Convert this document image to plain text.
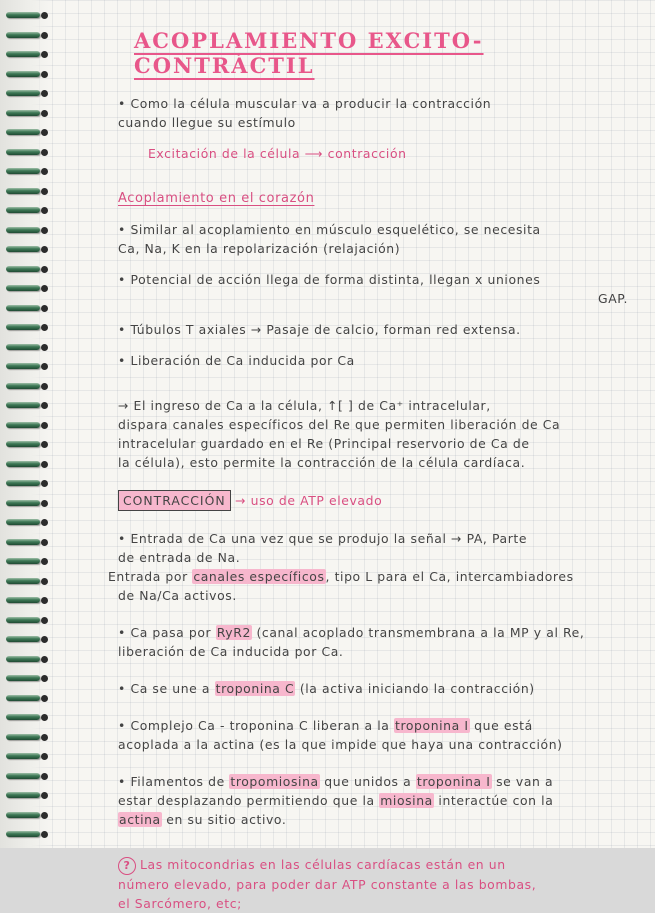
ACOPLAMIENTO EXCITO-CONTRÁCTIL

• Como la célula muscular va a producir la contracción

cuando llegue su estímulo

Excitación de la célula ⟶ contracción

Acoplamiento en el corazón

• Similar al acoplamiento en músculo esquelético, se necesita

Ca, Na, K en la repolarización (relajación)

• Potencial de acción llega de forma distinta, llegan x uniones

GAP.

• Túbulos T axiales → Pasaje de calcio, forman red extensa.

• Liberación de Ca inducida por Ca

→ El ingreso de Ca a la célula, ↑[ ] de Ca⁺ intracelular,

dispara canales específicos del Re que permiten liberación de Ca

intracelular guardado en el Re (Principal reservorio de Ca de

la célula), esto permite la contracción de la célula cardíaca.

CONTRACCIÓN → uso de ATP elevado

• Entrada de Ca una vez que se produjo la señal → PA, Parte

de entrada de Na.

Entrada por canales específicos, tipo L para el Ca, intercambiadores

de Na/Ca activos.

• Ca pasa por RyR2 (canal acoplado transmembrana a la MP y al Re,

liberación de Ca inducida por Ca.

• Ca se une a troponina C (la activa iniciando la contracción)

• Complejo Ca - troponina C liberan a la troponina I que está

acoplada a la actina (es la que impide que haya una contracción)

• Filamentos de tropomiosina que unidos a troponina I se van a

estar desplazando permitiendo que la miosina interactúe con la

actina en su sitio activo.

? Las mitocondrias en las células cardíacas están en un

número elevado, para poder dar ATP constante a las bombas,

el Sarcómero, etc;
